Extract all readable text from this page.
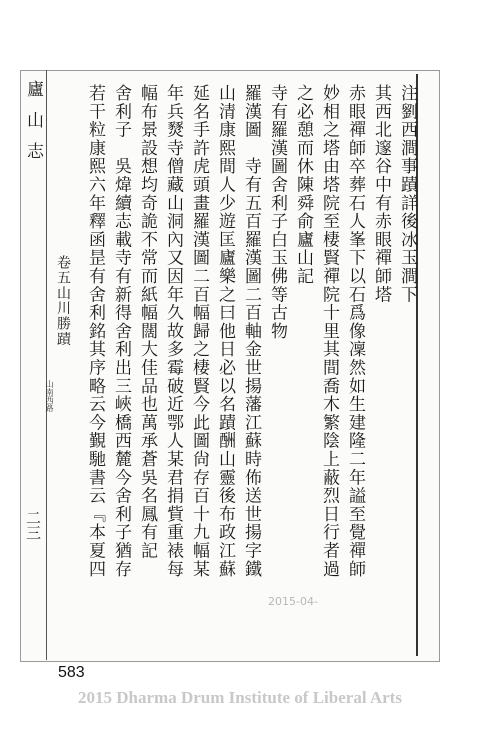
廬山志
卷五山川勝蹟
山南西路
二三
注劉西澗事蹟詳後冰玉澗下
其西北邃谷中有赤眼禪師塔
赤眼禪師卒葬石人峯下以石爲像凜然如生建隆二年謚至覺禪師
妙相之塔由塔院至棲賢禪院十里其間喬木繁陰上蔽烈日行者過
之必憩而休陳舜俞廬山記
寺有羅漢圖舍利子白玉佛等古物
羅漢圖　寺有五百羅漢圖二百軸金世揚藩江蘇時佈送世揚字鐵
山清康熙間人少遊匡廬樂之曰他日必以名蹟酬山靈後布政江蘇
延名手許虎頭畫羅漢圖二百幅歸之棲賢今此圖尙存百十九幅某
年兵燹寺僧藏山洞內又因年久故多霉破近鄂人某君捐貲重裱每
幅布景設想均奇詭不常而紙幅闊大佳品也萬承蒼吳名鳳有記
舍利子　吳煒續志載寺有新得舍利出三峽橋西麓今舍利子猶存
若干粒康熙六年釋函昰有舍利銘其序略云今覲馳書云『本夏四
2015-04-
583
2015 Dharma Drum Institute of Liberal Arts
